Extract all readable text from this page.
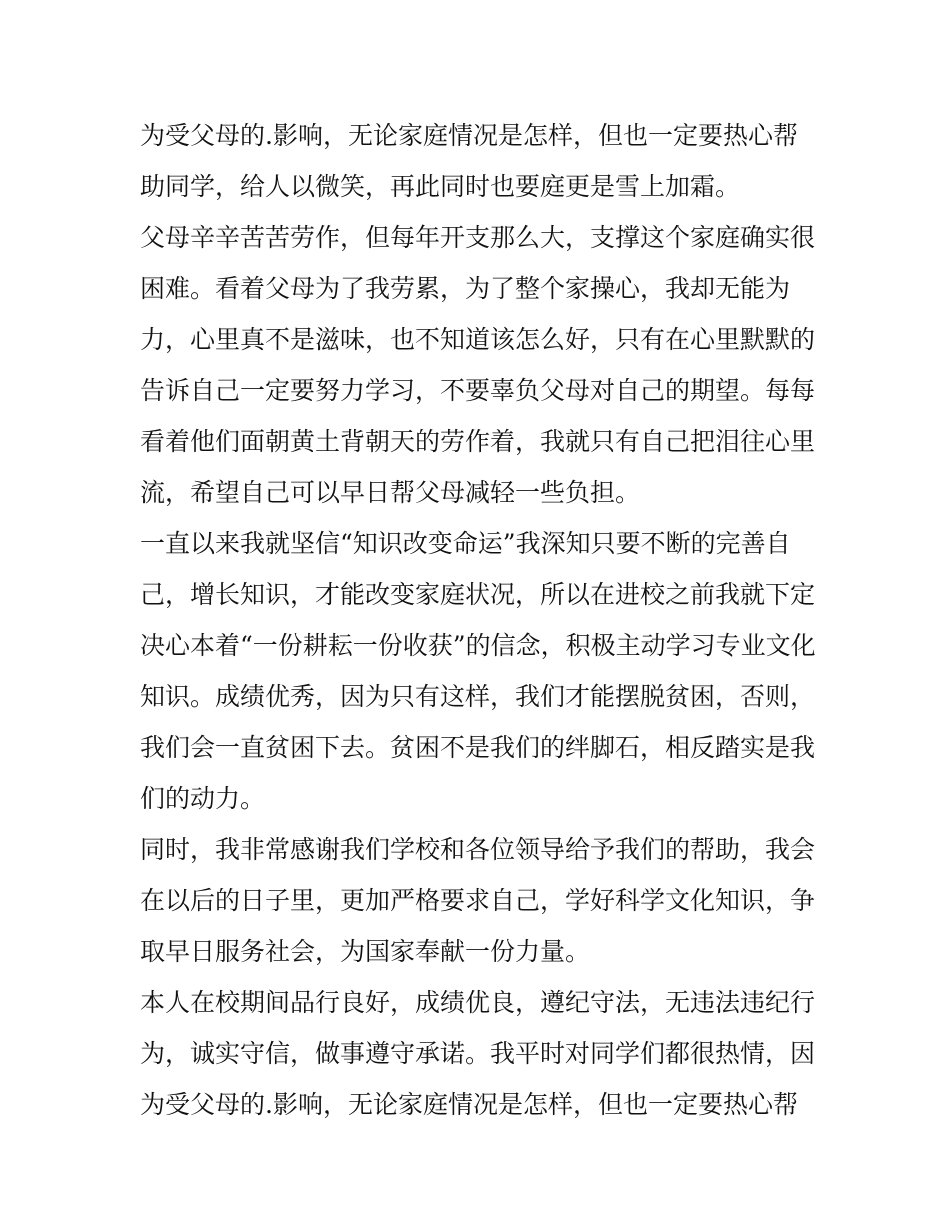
为受父母的.影响，无论家庭情况是怎样，但也一定要热心帮
助同学，给人以微笑，再此同时也要庭更是雪上加霜。
父母辛辛苦苦劳作，但每年开支那么大，支撑这个家庭确实很
困难。看着父母为了我劳累，为了整个家操心，我却无能为
力，心里真不是滋味，也不知道该怎么好，只有在心里默默的
告诉自己一定要努力学习，不要辜负父母对自己的期望。每每
看着他们面朝黄土背朝天的劳作着，我就只有自己把泪往心里
流，希望自己可以早日帮父母减轻一些负担。
一直以来我就坚信“知识改变命运”我深知只要不断的完善自
己，增长知识，才能改变家庭状况，所以在进校之前我就下定
决心本着“一份耕耘一份收获”的信念，积极主动学习专业文化
知识。成绩优秀，因为只有这样，我们才能摆脱贫困，否则，
我们会一直贫困下去。贫困不是我们的绊脚石，相反踏实是我
们的动力。
同时，我非常感谢我们学校和各位领导给予我们的帮助，我会
在以后的日子里，更加严格要求自己，学好科学文化知识，争
取早日服务社会，为国家奉献一份力量。
本人在校期间品行良好，成绩优良，遵纪守法，无违法违纪行
为，诚实守信，做事遵守承诺。我平时对同学们都很热情，因
为受父母的.影响，无论家庭情况是怎样，但也一定要热心帮
